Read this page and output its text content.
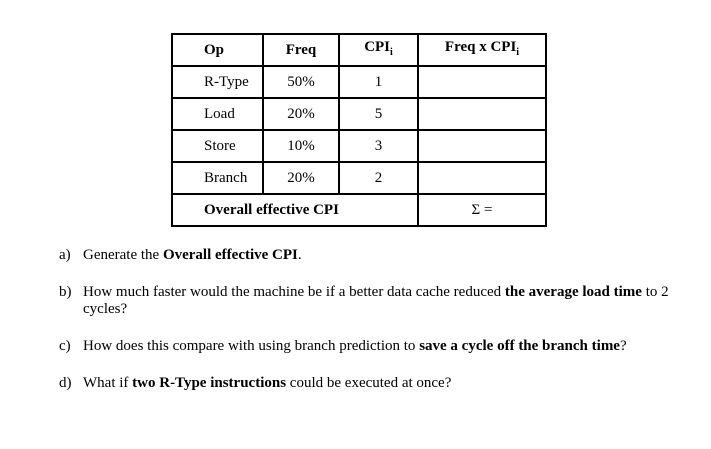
Op	Freq	$CPI_i$	Freq x $CPI_i$
R-Type	50%	1	
Load	20%	5	
Store	10%	3	
Branch	20%	2	
Overall effective CPI			Σ =
a) Generate the Overall effective CPI.
b) How much faster would the machine be if a better data cache reduced the average load time to 2 cycles?
c) How does this compare with using branch prediction to save a cycle off the branch time?
d) What if two R-Type instructions could be executed at once?
